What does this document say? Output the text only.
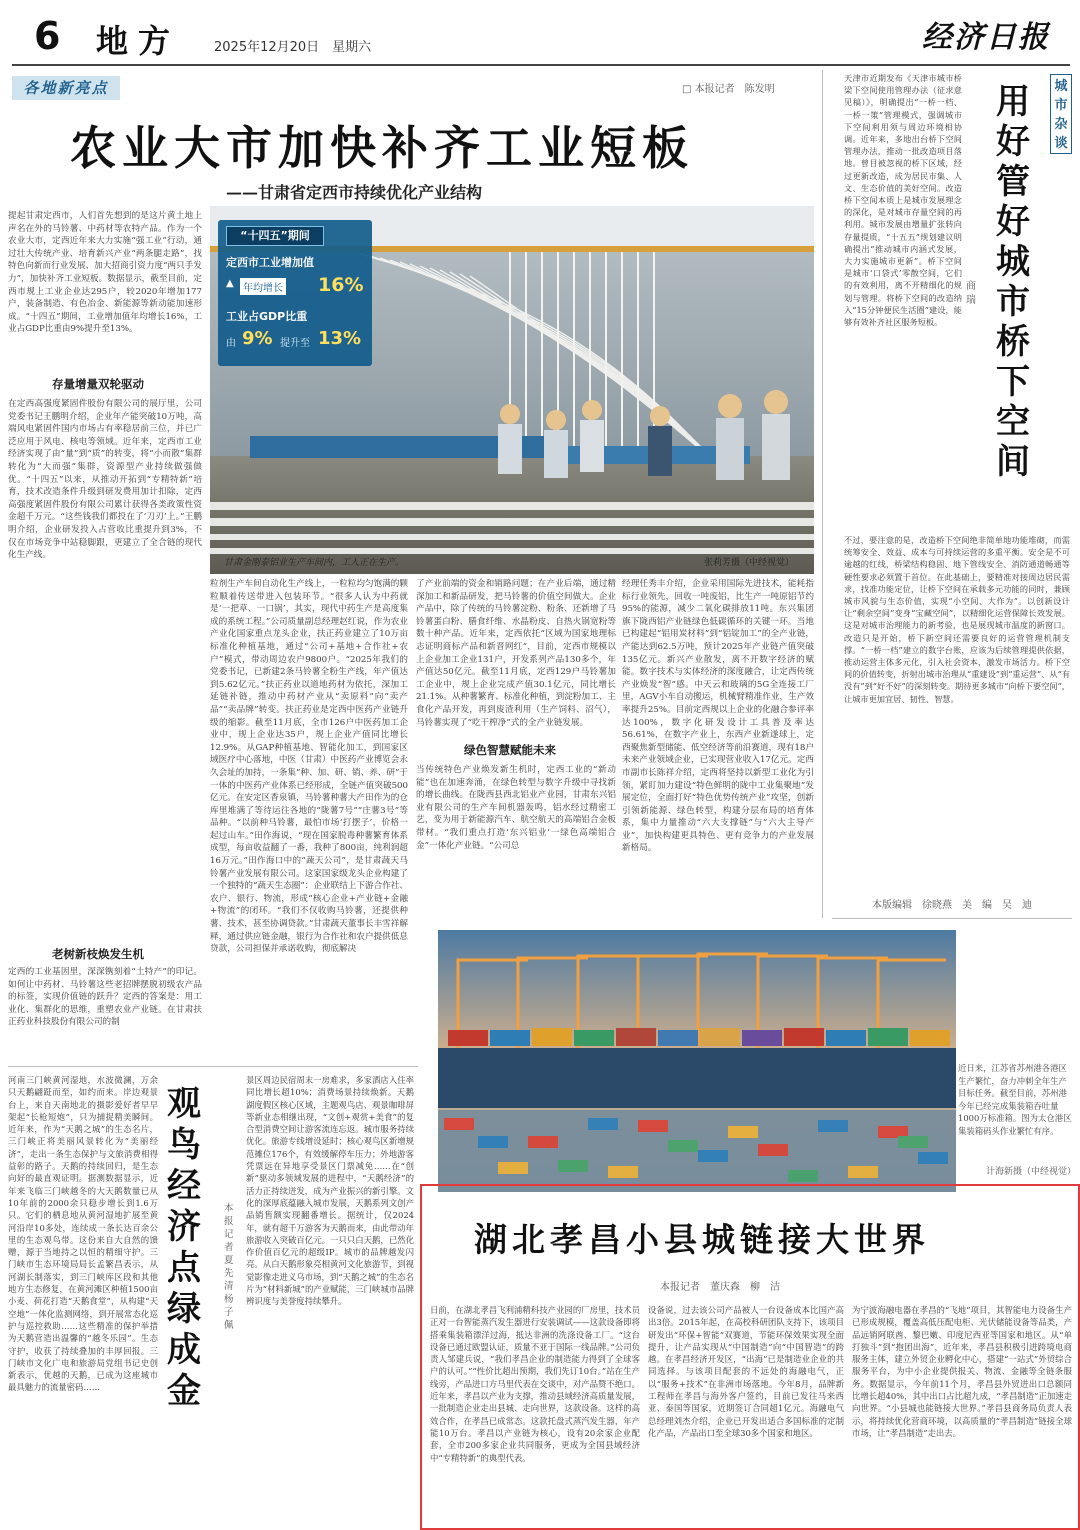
6 地方	2025年12月20日　星期六	经济日报
各地新亮点	□ 本报记者　陈发明
农业大市加快补齐工业短板
——甘肃省定西市持续优化产业结构
“十四五”期间
定西市工业增加值
▲ 年均增长 16%
工业占GDP比重
由 9% 提升至 13%
甘肃金刚泰铝业生产车间内，工人正在生产。	张莉芳摄（中经视觉）
提起甘肃定西市，人们首先想到的是这片黄土地上声名在外的马铃薯、中药材等农特产品。作为一个农业大市，定西近年来大力实施“强工业”行动，通过壮大传统产业、培育新兴产业“两条腿走路”，找特色向新而行业发展、加大招商引资力度“两只手发力”，加快补齐工业短板。数据显示，截至目前，定西市规上工业企业达295户，较2020年增加177户，装备制造、有色冶金、新能源等新动能加速形成。“十四五”期间，工业增加值年均增长16%，工业占GDP比重由9%提升至13%。
存量增量双轮驱动
在定西高强度紧固件股份有限公司的展厅里，公司党委书记王鹏明介绍，企业年产能突破10万吨，高端风电紧固件国内市场占有率稳居前三位，并已广泛应用于风电、核电等领域。近年来，定西市工业经济实现了由“量”到“质”的转变，将“小而散”集群转化为“大而强”集群，资源型产业持续做强做优。“十四五”以来，从推动开拓到“专精特新”培育，技术改造条件升级到研发费用加计扣除，定西高强度紧固件股份有限公司累计获得各类政策性资金超千万元。“这些钱我们都投在了‘刀刃’上。”王鹏明介绍，企业研发投入占营收比重提升到3%，不仅在市场竞争中站稳脚跟，更建立了全合链的现代化生产线。
老树新枝焕发生机
定西的工业基因里，深深镌刻着“土特产”的印记。如何让中药材、马铃薯这些老招牌摆脱初级农产品的标签，实现价值链的跃升？定西的答案是：用工业化、集群化的思维，重塑农业产业链。在甘肃扶正药业科技股份有限公司的制
粒剂生产车间自动化生产线上，一粒粒均匀饱满的颗粒顺着传送带进入包装环节。“很多人认为中药就是‘一把草、一口锅’，其实，现代中药生产是高度集成的系统工程。”公司质量副总经理赵红说，作为农业产业化国家重点龙头企业，扶正药业建立了10万亩标准化种植基地，通过“公司+基地+合作社+农户”模式，带动周边农户9800户。“2025年我们的党委书记，已新建2条马铃薯全粉生产线，年产值达到5.62亿元。”扶正药业以道地药材为依托，深加工延链补链，推动中药材产业从“卖原料”向“卖产品”“卖品牌”转变。扶正药业是定西中医药产业链升级的缩影。截至11月底，全市126户中医药加工企业中，规上企业达35户，规上企业产值同比增长12.9%。从GAP种植基地、智能化加工，到国家区域医疗中心落地，中医（甘肃）中医药产业博览会永久会址的加持，一条集“种、加、研、销、养、研”于一体的中医药产业体系已经形成，全链产值突破500亿元。在安定区香泉镇，马铃薯种薯大产田作为的仓库里堆满了等待运往各地的“陇薯7号”“庄薯3号”等品种。“以前种马铃薯，最怕市场‘打摆子’，价格一起过山车。”田作海说，“现在国家脱毒种薯繁育体系成型，每亩收益翻了一番，我种了800亩，纯利润超16万元。”田作海口中的“蔬天公司”，是甘肃蔬天马铃薯产业发展有限公司。这家国家级龙头企业构建了一个独特的“蔬天生态圈”：企业联结上下游合作社、农户、银行、物流，形成“核心企业+产业链+金融+物流”的闭环。“我们不仅收购马铃薯，还提供种薯、技术，甚至协调贷款。”甘肃蔬天董事长丰雪祥解释，通过供应链金融，银行为合作社和农户提供低息贷款，公司担保并承诺收购，彻底解决
了产业前端的资金和销路问题；在产业后端，通过精深加工和新品研发，把马铃薯的价值空间做大。企业产品中，除了传统的马铃薯淀粉、粉条、还新增了马铃薯蛋白粉、膳食纤维、水晶粉皮、自热火锅宽粉等数十种产品。近年来，定西依托“区域为国家地理标志证明商标产品和新晋网红”，目前，定西市规模以上企业加工企业131户，开发系列产品130多个，年产值达50亿元。截至11月底，定西129户马铃薯加工企业中，规上企业完成产值30.1亿元，同比增长21.1%。从种薯繁育、标准化种植，到淀粉加工、主食化产品开发，再到废渣利用（生产饲料、沼气），马铃薯实现了“吃干榨净”式的全产业链发展。
绿色智慧赋能未来
当传统特色产业焕发新生机时，定西工业的“新动能”也在加速奔涌，在绿色转型与数字升级中寻找新的增长曲线。在陇西县西北铝业产业园，甘肃东兴铝业有限公司的生产车间机器轰鸣，铝水经过精密工艺，变为用于新能源汽车、航空航天的高端铝合金板带材。“我们重点打造‘东兴铝业’一绿色高端铝合金”一体化产业链。“公司总
经理任秀丰介绍，企业采用国际先进技术，能耗指标行业领先，回收一吨废铝，比生产一吨原铝节约95%的能源，减少二氧化碳排放11吨。东兴集团旗下陇西铝产业链绿色低碳循环的关键一环。当地已构建起“铝用炭材料”到“铝锭加工”的全产业链，产能达到62.5万吨，预计2025年产业链产值突破135亿元。新兴产业散发，离不开数字经济的赋能。数字技术与实体经济的深度融合，让定西传统产业焕发“智”感。中天云和玻璃的5G全连接工厂里，AGV小车自动搬运，机械臂精准作业，生产效率提升25%。目前定西规以上企业的化融合参评率达100%，数字化研发设计工具普及率达56.61%，在数字产业上，东西产业新遂球上，定西聚焦新型储能、低空经济等前沿赛道，现有18户未来产业领域企业，已实现营业收入17亿元。定西市副市长陈祥介绍，定西将坚持以新型工业化为引领，紧盯加力建设“特色鲜明的陇中工业集聚地”发展定位，全面打好“特色优势传统产业”攻坚，创新引领新能源、绿色转型，构建分层布局的培育体系，集中力量推动“六大支撑链”与“六大主导产业”，加快构建更具特色、更有竞争力的产业发展新格局。
城市杂谈
用好管好城市桥下空间
商瑞
天津市近期发布《天津市城市桥梁下空间使用管理办法（征求意见稿）》，明确提出“一桥一档、一桥一策”管理模式，强调城市下空间利用须与周边环境相协调。近年来，多地出台桥下空间管理办法，推动一批改造项目落地。曾目被忽视的桥下区域，经过更新改造，成为居民市集、人文、生态价值的美好空间。改造桥下空间本质上是城市发展理念的深化，是对城市存量空间的再利用。城市发展由增量扩张转向存量提质，“十五五”规划建议明确提出“推动城市内涵式发展，大力实施城市更新”。桥下空间是城市‘口袋式’零散空间，它们的有效利用，离不开精细化的规划与管理。将桥下空间的改造纳入“15分钟便民生活圈”建设，能够有效补齐社区服务短板。
不过，要注意的是，改造桥下空间绝非简单地功能堆砌，而需统筹安全、效益、成本与可持续运营的多重平衡。安全是不可逾越的红线，桥梁结构稳固、地下管线安全、消防通道畅通等硬性要求必须置于首位。在此基础上，要精准对接周边居民需求，找准功能定位，让桥下空间在承载多元功能的同时，兼顾城市风貌与生态价值，实现“小空间、大作为”。以创新设计让“剩余空间”变身“宝藏空间”，以精细化运营保障长效发展。这是对城市治理能力的新考验，也是展现城市温度的新窗口。改造只是开始，桥下新空间还需要良好的运营管理机制支撑。“一桥一档”建立的数字台账，应该为后续管理提供依据，推动运营主体多元化，引入社会资本，激发市场活力。桥下空间的价值转变，折射出城市治理从“重建设”到“重运营”、从“有没有”到“好不好”的深刻转变。期待更多城市“向桥下要空间”，让城市更加宜居、韧性、智慧。
本版编辑　徐晓燕　美　编　吴　迪
近日来，江苏省苏州港各港区生产繁忙，奋力冲刺全年生产目标任务。截至目前，苏州港今年已经完成集装箱吞吐量1000万标准箱。图为太仓港区集装箱码头作业繁忙有序。
计海新摄（中经视觉）
河南三门峡黄河湿地，水波微澜，万余只天鹅翩跹而至，如约而来。岸边观景台上，来自天南地北的摄影爱好者早早架起“长枪短炮”，只为捕捉精美瞬间。近年来，作为“天鹅之城”的生态名片，三门峡正将美丽风景转化为“美丽经济”，走出一条生态保护与文旅消费相得益彰的路子。天鹅的持续回归，是生态向好的最直观证明。据测数据显示，近年来飞临三门峡越冬的大天鹅数量已从10年前的2000余只稳步增长到1.6万只。它们的栖息地从黄河湿地扩展至黄河沿岸10多处，连续成一条长达百余公里的生态观鸟带。这份来自大自然的馈赠，源于当地持之以恒的精细守护。三门峡市生态环境局局长孟繁昌表示，从河湖长制落实，到三门峡库区段和其他地方生态修复，在黄河滩区种植1500亩小麦、荷花打造“天鹅食堂”，从构建“天空地”一体化监测网络，到开展常态化巡护与巡控救助……这些精准的保护举措为天鹅营造出温馨的“越冬乐园”。生态守护，收获了持续叠加的丰厚回报。三门峡市文化广电和旅游局党组书记史创新表示，优越的天鹅，已成为这座城市最具魅力的流量密码……
观鸟经济点绿成金
本报记者　夏先清　杨子佩
景区周边民宿周末一房难求，多家酒店入住率同比增长超10%；消费场景持续焕新。天鹅湖度假区核心区域，主题观鸟店、观景咖啡屏等新业态相继出现，“文创+观赏+美食”的复合型消费空间让游客流连忘返。城市服务持续优化。旅游专线增设延时；核心观鸟区新增规范摊位176个，有效缓解停车压力；外地游客凭票远在异地享受景区门票减免……在“创新”驱动多领域发展的进程中，“天鹅经济”的活力正持续迸发，成为产业振兴的新引擎。文化的深厚底蕴融入城市发展，天鹅系列文创产品销售额实现翻番增长。据统计，仅2024年，就有超千万游客为天鹅而来，由此带动年旅游收入突破百亿元。一只只白天鹅，已然化作价值百亿元的超级IP。城市的品牌越发闪亮。从白天鹅形象亮相黄河文化旅游节，到视觉影像走进义乌市场，到“天鹅之城”的生态名片为“材料新城”的产业赋能，三门峡城市品牌辨识度与美誉度持续攀升。
湖北孝昌小县城链接大世界
本报记者　董庆森　柳　洁
日前，在湖北孝昌飞利浦精科技产业园的厂房里，技术员正对一台智能蒸汽发生器进行安装调试——这款设备即将搭乘集装箱漂洋过海，抵达非洲的洗涤设备工厂。“这台设备已通过欧盟认证，质量不亚于国际一线品牌。”公司负责人邹建兵说，“我们孝昌企业的制造能力得到了全球客户的认可。”“性价比超出预期，我们先订10台。”站在生产线旁，产品进口方马里代表在交谈中，对产品赞不绝口。近年来，孝昌以产业为支撑，推动县域经济高质量发展，一批制造企业走出县城、走向世界，这款设备。这样的高效合作，在孝昌已成常态。这款托盘式蒸汽发生器，年产能10万台。孝昌以产业链为核心，设有20余家企业配套，全市200多家企业共同服务，更成为全国县域经济中“专精特新”的典型代表。
设备说，过去该公司产品被人一台设备成本比国产高出3倍。2015年起，在高校科研团队支持下，该项目研发出“环保+智能”双赛道，节能环保效果实现全面提升，让产品实现从“中国制造”向“中国智造”的跨越。在孝昌经济开发区，“出海”已是制造业企业的共同选择。与该项目配套的不远处的海融电气，正以“服务+技术”在非洲市场落地。今年8月，品牌新工程师在孝昌与海外客户签约，目前已发往马来西亚、泰国等国家，近期签订合同超1亿元。海融电气总经理刘杰介绍，企业已开发出适合多国标准的定制化产品，产品出口至全球30多个国家和地区。
为宁波海融电器在孝昌的“飞地”项目，其智能电力设备生产已形成规模，覆盖高低压配电柜、光伏储能设备等品类，产品远销阿联酋、黎巴嫩、印度尼西亚等国家和地区。从“单打独斗”到“抱团出海”，近年来，孝昌县积极引进跨境电商服务主体，建立外贸企业孵化中心，搭建“一站式”外贸综合服务平台，为中小企业提供报关、物流、金融等全链条服务。数据显示，今年前11个月，孝昌县外贸进出口总额同比增长超40%，其中出口占比超九成，“孝昌制造”正加速走向世界。“小县城也能链接大世界。”孝昌县商务局负责人表示，将持续优化营商环境，以高质量的“孝昌制造”链接全球市场，让“孝昌制造”走出去。
